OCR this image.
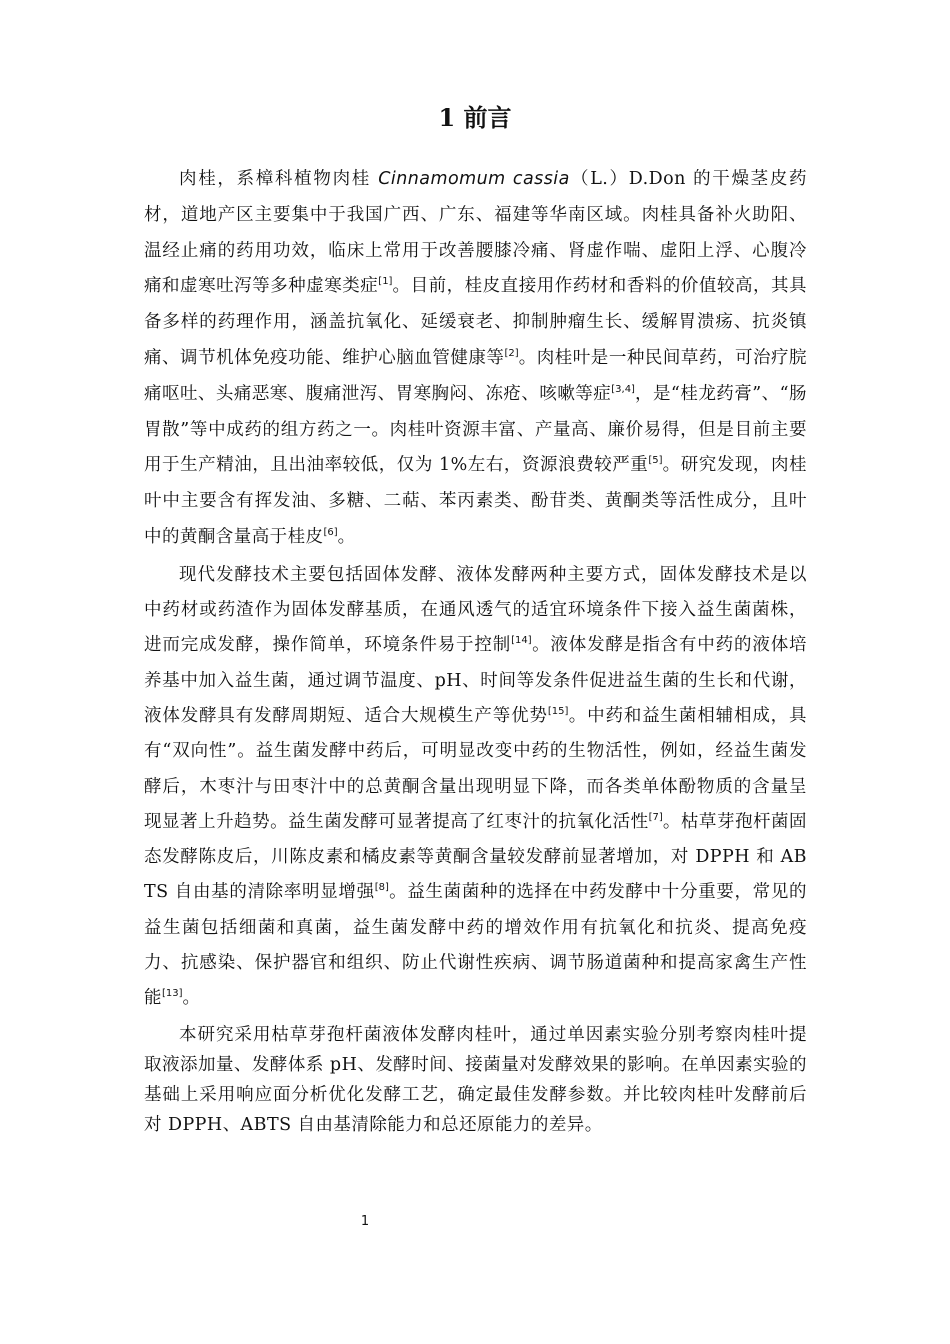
1 前言

肉桂，系樟科植物肉桂 Cinnamomum cassia（L.）D.Don 的干燥茎皮药材，道地产区主要集中于我国广西、广东、福建等华南区域。肉桂具备补火助阳、温经止痛的药用功效，临床上常用于改善腰膝冷痛、肾虚作喘、虚阳上浮、心腹冷痛和虚寒吐泻等多种虚寒类症[1]。目前，桂皮直接用作药材和香料的价值较高，其具备多样的药理作用，涵盖抗氧化、延缓衰老、抑制肿瘤生长、缓解胃溃疡、抗炎镇痛、调节机体免疫功能、维护心脑血管健康等[2]。肉桂叶是一种民间草药，可治疗脘痛呕吐、头痛恶寒、腹痛泄泻、胃寒胸闷、冻疮、咳嗽等症[3,4]，是“桂龙药膏”、“肠胃散”等中成药的组方药之一。肉桂叶资源丰富、产量高、廉价易得，但是目前主要用于生产精油，且出油率较低，仅为 1%左右，资源浪费较严重[5]。研究发现，肉桂叶中主要含有挥发油、多糖、二萜、苯丙素类、酚苷类、黄酮类等活性成分，且叶中的黄酮含量高于桂皮[6]。

现代发酵技术主要包括固体发酵、液体发酵两种主要方式，固体发酵技术是以中药材或药渣作为固体发酵基质，在通风透气的适宜环境条件下接入益生菌菌株，进而完成发酵，操作简单，环境条件易于控制[14]。液体发酵是指含有中药的液体培养基中加入益生菌，通过调节温度、pH、时间等发条件促进益生菌的生长和代谢，液体发酵具有发酵周期短、适合大规模生产等优势[15]。中药和益生菌相辅相成，具有“双向性”。益生菌发酵中药后，可明显改变中药的生物活性，例如，经益生菌发酵后，木枣汁与田枣汁中的总黄酮含量出现明显下降，而各类单体酚物质的含量呈现显著上升趋势。益生菌发酵可显著提高了红枣汁的抗氧化活性[7]。枯草芽孢杆菌固态发酵陈皮后，川陈皮素和橘皮素等黄酮含量较发酵前显著增加，对 DPPH 和 ABTS 自由基的清除率明显增强[8]。益生菌菌种的选择在中药发酵中十分重要，常见的益生菌包括细菌和真菌，益生菌发酵中药的增效作用有抗氧化和抗炎、提高免疫力、抗感染、保护器官和组织、防止代谢性疾病、调节肠道菌种和提高家禽生产性能[13]。

本研究采用枯草芽孢杆菌液体发酵肉桂叶，通过单因素实验分别考察肉桂叶提取液添加量、发酵体系 pH、发酵时间、接菌量对发酵效果的影响。在单因素实验的基础上采用响应面分析优化发酵工艺，确定最佳发酵参数。并比较肉桂叶发酵前后对 DPPH、ABTS 自由基清除能力和总还原能力的差异。

1
